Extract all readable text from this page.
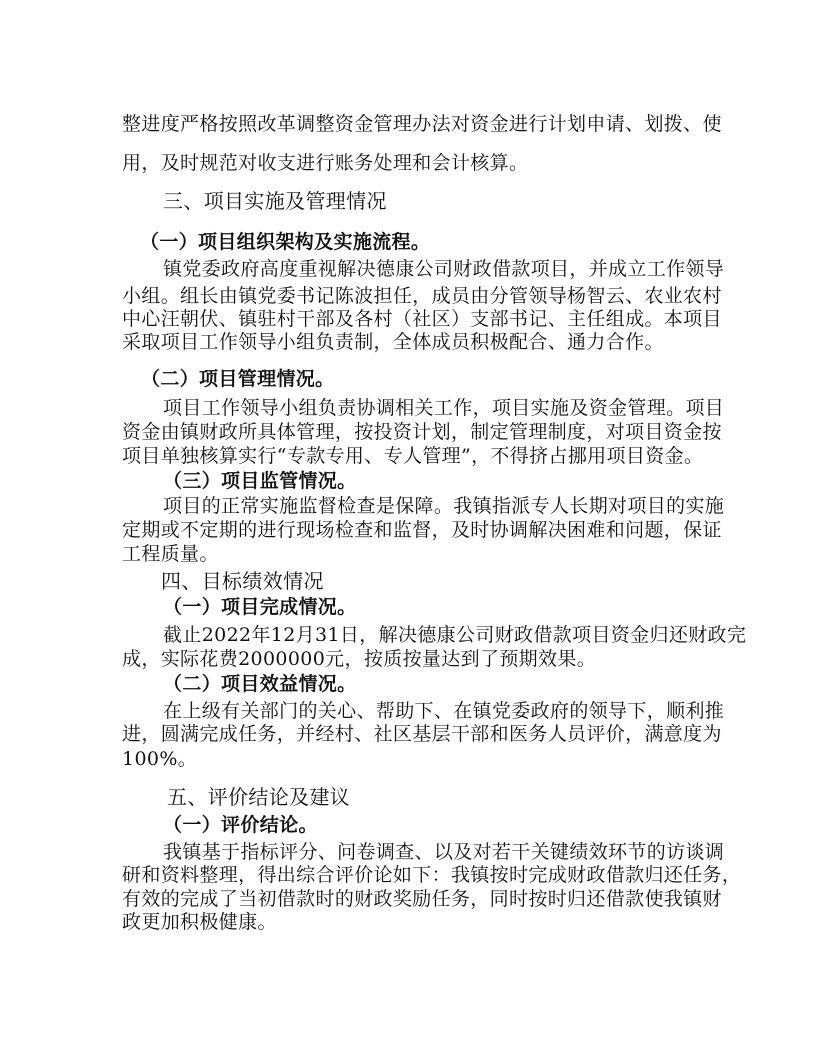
整进度严格按照改革调整资金管理办法对资金进行计划申请、划拨、使
用，及时规范对收支进行账务处理和会计核算。
三、项目实施及管理情况
（一）项目组织架构及实施流程。
镇党委政府高度重视解决德康公司财政借款项目，并成立工作领导
小组。组长由镇党委书记陈波担任，成员由分管领导杨智云、农业农村
中心汪朝伏、镇驻村干部及各村（社区）支部书记、主任组成。本项目
采取项目工作领导小组负责制，全体成员积极配合、通力合作。
（二）项目管理情况。
项目工作领导小组负责协调相关工作，项目实施及资金管理。项目
资金由镇财政所具体管理，按投资计划，制定管理制度，对项目资金按
项目单独核算实行“专款专用、专人管理”，不得挤占挪用项目资金。
（三）项目监管情况。
项目的正常实施监督检查是保障。我镇指派专人长期对项目的实施
定期或不定期的进行现场检查和监督，及时协调解决困难和问题，保证
工程质量。
四、目标绩效情况
（一）项目完成情况。
截止2022年12月31日，解决德康公司财政借款项目资金归还财政完
成，实际花费2000000元，按质按量达到了预期效果。
（二）项目效益情况。
在上级有关部门的关心、帮助下、在镇党委政府的领导下，顺利推
进，圆满完成任务，并经村、社区基层干部和医务人员评价，满意度为
100%。
五、评价结论及建议
（一）评价结论。
我镇基于指标评分、问卷调查、以及对若干关键绩效环节的访谈调
研和资料整理，得出综合评价论如下：我镇按时完成财政借款归还任务，
有效的完成了当初借款时的财政奖励任务，同时按时归还借款使我镇财
政更加积极健康。
